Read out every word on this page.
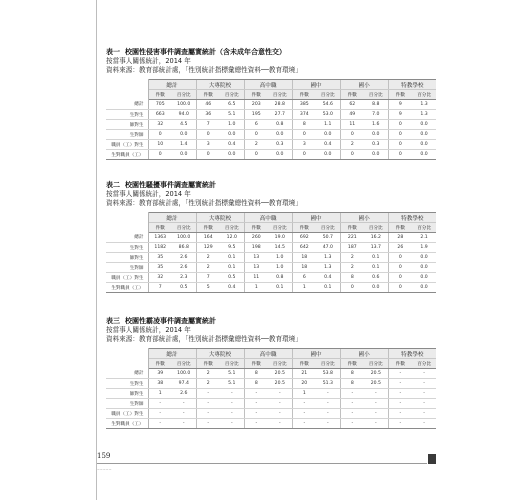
表一 校園性侵害事件調查屬實統計（含未成年合意性交）
按當事人關係統計，2014 年
資料來源：教育部統計處，「性別統計指標彙總性資料──教育環境」
	總計		大專院校		高中職		國中		國小		特教學校	
	件數	百分比	件數	百分比	件數	百分比	件數	百分比	件數	百分比	件數	百分比
總計	705	100.0	46	6.5	203	28.8	385	54.6	62	8.8	9	1.3
生對生	663	94.0	36	5.1	195	27.7	374	53.0	49	7.0	9	1.3
師對生	32	4.5	7	1.0	6	0.8	8	1.1	11	1.6	0	0.0
生對師	0	0.0	0	0.0	0	0.0	0	0.0	0	0.0	0	0.0
職員（工）對生	10	1.4	3	0.4	2	0.3	3	0.4	2	0.3	0	0.0
生對職員（工）	0	0.0	0	0.0	0	0.0	0	0.0	0	0.0	0	0.0
表二 校園性騷擾事件調查屬實統計
按當事人關係統計，2014 年
資料來源：教育部統計處，「性別統計指標彙總性資料──教育環境」
	總計		大專院校		高中職		國中		國小		特教學校	
	件數	百分比	件數	百分比	件數	百分比	件數	百分比	件數	百分比	件數	百分比
總計	1363	100.0	164	12.0	260	19.0	692	50.7	221	16.2	28	2.1
生對生	1182	86.8	129	9.5	198	14.5	642	47.0	187	13.7	26	1.9
師對生	35	2.6	2	0.1	13	1.0	18	1.3	2	0.1	0	0.0
生對師	35	2.6	2	0.1	13	1.0	18	1.3	2	0.1	0	0.0
職員（工）對生	32	2.3	7	0.5	11	0.8	6	0.4	8	0.6	0	0.0
生對職員（工）	7	0.5	5	0.4	1	0.1	1	0.1	0	0.0	0	0.0
表三 校園性霸凌事件調查屬實統計
按當事人關係統計，2014 年
資料來源：教育部統計處，「性別統計指標彙總性資料──教育環境」
	總計		大專院校		高中職		國中		國小		特教學校	
	件數	百分比	件數	百分比	件數	百分比	件數	百分比	件數	百分比	件數	百分比
總計	39	100.0	2	5.1	8	20.5	21	53.8	8	20.5	-	-
生對生	38	97.4	2	5.1	8	20.5	20	51.3	8	20.5	-	-
師對生	1	2.6	-	-	-	-	1	-	-	-	-	-
生對師	-	-	-	-	-	-	-	-	-	-	-	-
職員（工）對生	-	-	-	-	-	-	-	-	-	-	-	-
生對職員（工）	-	-	-	-	-	-	-	-	-	-	-	-
159
~~~~~
